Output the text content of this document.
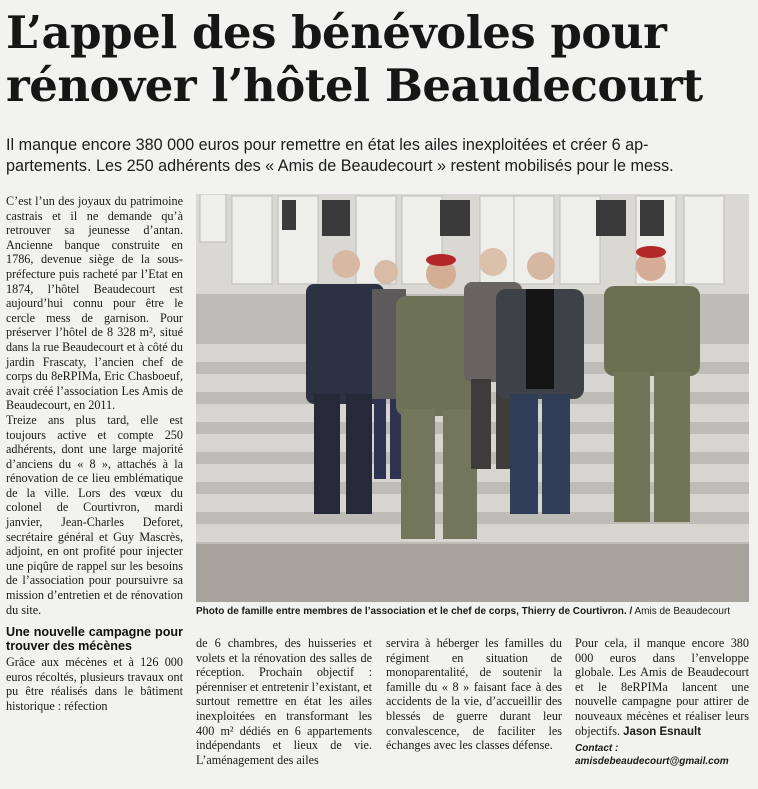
L’appel des bénévoles pour
rénover l’hôtel Beaudecourt

Il manque encore 380 000 euros pour remettre en état les ailes inexploitées et créer 6 ap-
partements. Les 250 adhérents des « Amis de Beaudecourt » restent mobilisés pour le mess.

C’est l’un des joyaux du patrimoine castrais et il ne demande qu’à retrouver sa jeunesse d’antan. Ancienne banque construite en 1786, devenue siège de la sous-préfecture puis racheté par l’Etat en 1874, l’hôtel Beaudecourt est aujourd’hui connu pour être le cercle mess de garnison. Pour préserver l’hôtel de 8 328 m², situé dans la rue Beaudecourt et à côté du jardin Frascaty, l’ancien chef de corps du 8eRPIMa, Eric Chasboeuf, avait créé l’association Les Amis de Beaudecourt, en 2011.

Treize ans plus tard, elle est toujours active et compte 250 adhérents, dont une large majorité d’anciens du « 8 », attachés à la rénovation de ce lieu emblématique de la ville. Lors des vœux du colonel de Courtivron, mardi janvier, Jean-Charles Deforet, secrétaire général et Guy Mascrès, adjoint, en ont profité pour injecter une piqûre de rappel sur les besoins de l’association pour poursuivre sa mission d’entretien et de rénovation du site.

Une nouvelle campagne pour trouver des mécènes

Grâce aux mécènes et à 126 000 euros récoltés, plusieurs travaux ont pu être réalisés dans le bâtiment historique : réfection

Photo de famille entre membres de l’association et le chef de corps, Thierry de Courtivron. / Amis de Beaudecourt

de 6 chambres, des huisseries et volets et la rénovation des salles de réception. Prochain objectif : pérenniser et entretenir l’existant, et surtout remettre en état les ailes inexploitées en transformant les 400 m² dédiés en 6 appartements indépendants et lieux de vie. L’aménagement des ailes

servira à héberger les familles du régiment en situation de monoparentalité, de soutenir la famille du « 8 » faisant face à des accidents de la vie, d’accueillir des blessés de guerre durant leur convalescence, de faciliter les échanges avec les classes défense.

Pour cela, il manque encore 380 000 euros dans l’enveloppe globale. Les Amis de Beaudecourt et le 8eRPIMa lancent une nouvelle campagne pour attirer de nouveaux mécènes et réaliser leurs objectifs. Jason Esnault

Contact : amisdebeaudecourt@gmail.com
